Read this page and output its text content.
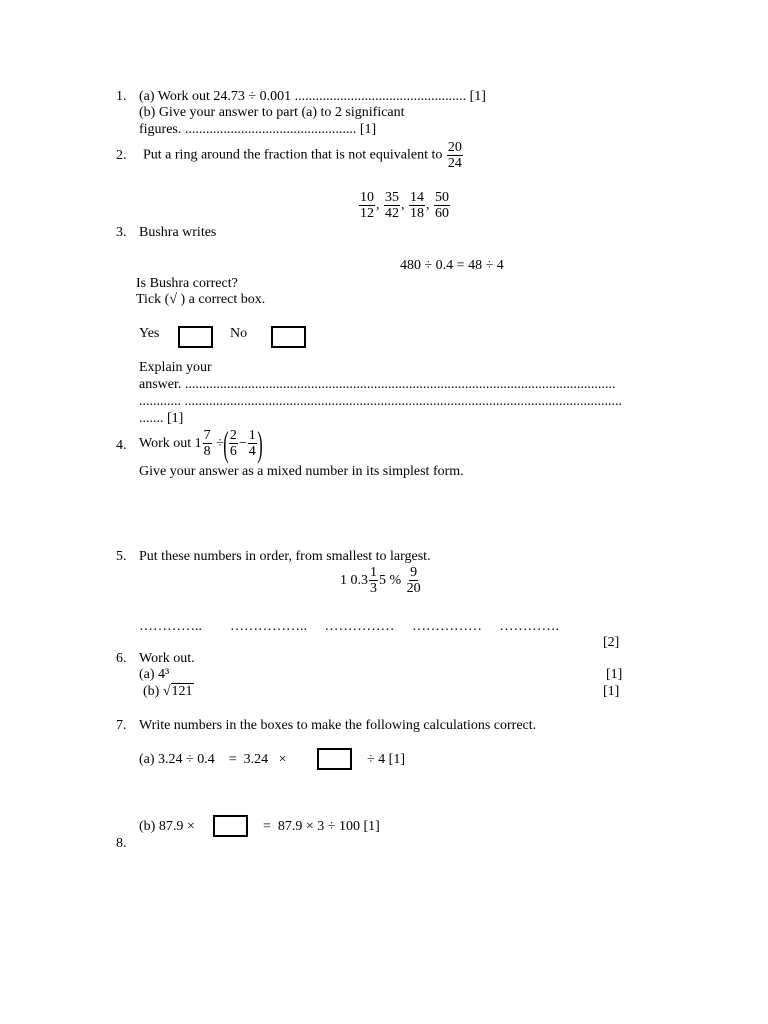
1. (a) Work out 24.73 ÷ 0.001 ................................................. [1]
(b) Give your answer to part (a) to 2 significant
figures. ................................................. [1]
2. Put a ring around the fraction that is not equivalent to $\frac{20}{24}$
$\frac{10}{12}$ , $\frac{35}{42}$ , $\frac{14}{18}$ , $\frac{50}{60}$
3. Bushra writes
480 ÷ 0.4 = 48 ÷ 4
Is Bushra correct?
Tick (√ ) a correct box.
Yes	No
Explain your
answer. ...........................................................................................................................
............ .............................................................................................................................
....... [1]
4. Work out $1 \frac{7}{8}$ ÷( $\frac{2}{6} - \frac{1}{4}$ )
Give your answer as a mixed number in its simplest form.
5. Put these numbers in order, from smallest to largest.
1 $0.3 \frac{1}{3} 5$ % $\frac{9}{20}$
…………..        ……………..     ……………     ……………     ………….
[2]
6. Work out.
(a) 4³	[1]
(b) √121	[1]
7. Write numbers in the boxes to make the following calculations correct.
(a) 3.24 ÷ 0.4    =  3.24   ×	÷ 4 [1]
(b) 87.9 ×	=  87.9 × 3 ÷ 100 [1]
8.
